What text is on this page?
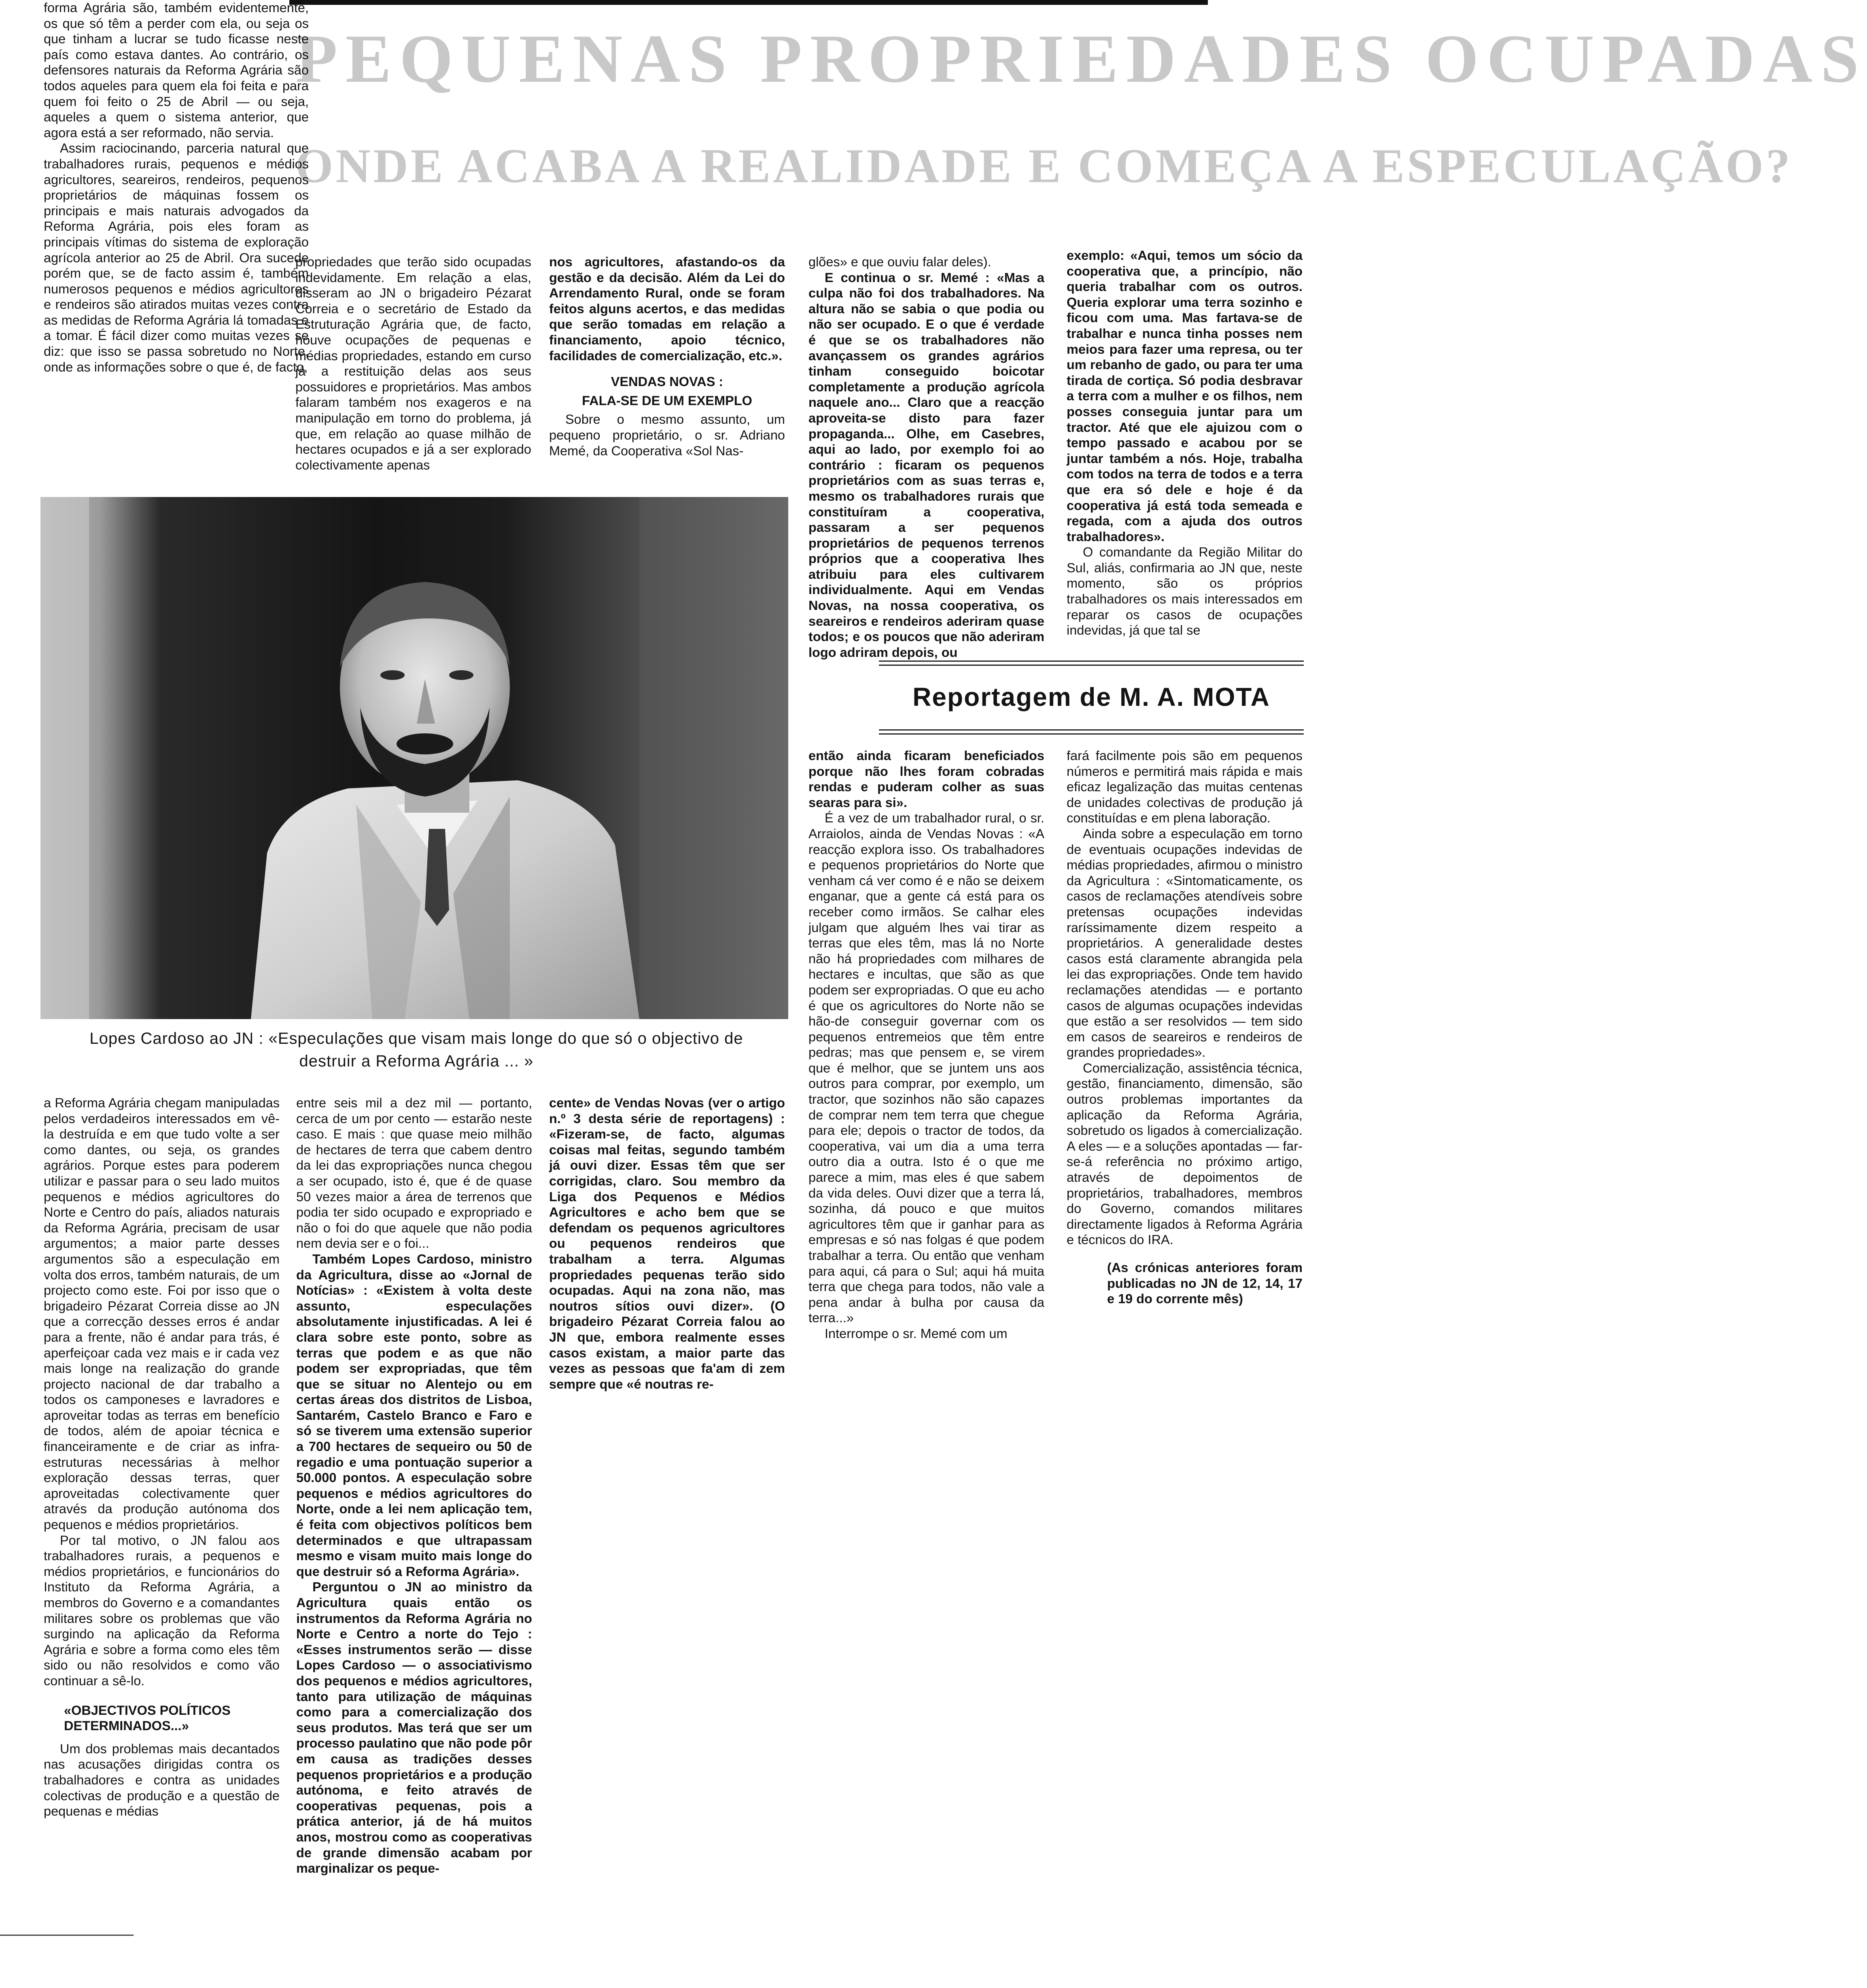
PEQUENAS PROPRIEDADES OCUPADAS
ONDE ACABA A REALIDADE E COMEÇA A ESPECULAÇÃO?

forma Agrária são, também evidentemente, os que só têm a perder com ela, ou seja os que tinham a lucrar se tudo ficasse neste país como estava dantes. Ao contrário, os defensores naturais da Reforma Agrária são todos aqueles para quem ela foi feita e para quem foi feito o 25 de Abril — ou seja, aqueles a quem o sistema anterior, que agora está a ser reformado, não servia.

Assim raciocinando, parceria natural que trabalhadores rurais, pequenos e médios agricultores, seareiros, rendeiros, pequenos proprietários de máquinas fossem os principais e mais naturais advogados da Reforma Agrária, pois eles foram as principais vítimas do sistema de exploração agrícola anterior ao 25 de Abril. Ora sucede porém que, se de facto assim é, também numerosos pequenos e médios agricultores e rendeiros são atirados muitas vezes contra as medidas de Reforma Agrária lá tomadas e a tomar. É fácil dizer como muitas vezes se diz: que isso se passa sobretudo no Norte, onde as informações sobre o que é, de facto,

propriedades que terão sido ocupadas indevidamente. Em relação a elas, disseram ao JN o brigadeiro Pézarat Correia e o secretário de Estado da Estruturação Agrária que, de facto, houve ocupações de pequenas e médias propriedades, estando em curso já a restituição delas aos seus possuidores e proprietários. Mas ambos falaram também nos exageros e na manipulação em torno do problema, já que, em relação ao quase milhão de hectares ocupados e já a ser explorado colectivamente apenas

nos agricultores, afastando-os da gestão e da decisão. Além da Lei do Arrendamento Rural, onde se foram feitos alguns acertos, e das medidas que serão tomadas em relação a financiamento, apoio técnico, facilidades de comercialização, etc.».

VENDAS NOVAS :

FALA-SE DE UM EXEMPLO

Sobre o mesmo assunto, um pequeno proprietário, o sr. Adriano Memé, da Cooperativa «Sol Nas-

glões» e que ouviu falar deles).

E continua o sr. Memé : «Mas a culpa não foi dos trabalhadores. Na altura não se sabia o que podia ou não ser ocupado. E o que é verdade é que se os trabalhadores não avançassem os grandes agrários tinham conseguido boicotar completamente a produção agrícola naquele ano... Claro que a reacção aproveita-se disto para fazer propaganda... Olhe, em Casebres, aqui ao lado, por exemplo foi ao contrário : ficaram os pequenos proprietários com as suas terras e, mesmo os trabalhadores rurais que constituíram a cooperativa, passaram a ser pequenos proprietários de pequenos terrenos próprios que a cooperativa lhes atribuiu para eles cultivarem individualmente. Aqui em Vendas Novas, na nossa cooperativa, os seareiros e rendeiros aderiram quase todos; e os poucos que não aderiram logo adriram depois, ou

exemplo: «Aqui, temos um sócio da cooperativa que, a princípio, não queria trabalhar com os outros. Queria explorar uma terra sozinho e ficou com uma. Mas fartava-se de trabalhar e nunca tinha posses nem meios para fazer uma represa, ou ter um rebanho de gado, ou para ter uma tirada de cortiça. Só podia desbravar a terra com a mulher e os filhos, nem posses conseguia juntar para um tractor. Até que ele ajuizou com o tempo passado e acabou por se juntar também a nós. Hoje, trabalha com todos na terra de todos e a terra que era só dele e hoje é da cooperativa já está toda semeada e regada, com a ajuda dos outros trabalhadores».

O comandante da Região Militar do Sul, aliás, confirmaria ao JN que, neste momento, são os próprios trabalhadores os mais interessados em reparar os casos de ocupações indevidas, já que tal se

Lopes Cardoso ao JN : «Especulações que visam mais longe do que só o objectivo de
destruir a Reforma Agrária ... »
Reportagem de M. A. MOTA

então ainda ficaram beneficiados porque não lhes foram cobradas rendas e puderam colher as suas searas para si».

É a vez de um trabalhador rural, o sr. Arraiolos, ainda de Vendas Novas : «A reacção explora isso. Os trabalhadores e pequenos proprietários do Norte que venham cá ver como é e não se deixem enganar, que a gente cá está para os receber como irmãos. Se calhar eles julgam que alguém lhes vai tirar as terras que eles têm, mas lá no Norte não há propriedades com milhares de hectares e incultas, que são as que podem ser expropriadas. O que eu acho é que os agricultores do Norte não se hão-de conseguir governar com os pequenos entremeios que têm entre pedras; mas que pensem e, se virem que é melhor, que se juntem uns aos outros para comprar, por exemplo, um tractor, que sozinhos não são capazes de comprar nem tem terra que chegue para ele; depois o tractor de todos, da cooperativa, vai um dia a uma terra outro dia a outra. Isto é o que me parece a mim, mas eles é que sabem da vida deles. Ouvi dizer que a terra lá, sozinha, dá pouco e que muitos agricultores têm que ir ganhar para as empresas e só nas folgas é que podem trabalhar a terra. Ou então que venham para aqui, cá para o Sul; aqui há muita terra que chega para todos, não vale a pena andar à bulha por causa da terra...»

Interrompe o sr. Memé com um

fará facilmente pois são em pequenos números e permitirá mais rápida e mais eficaz legalização das muitas centenas de unidades colectivas de produção já constituídas e em plena laboração.

Ainda sobre a especulação em torno de eventuais ocupações indevidas de médias propriedades, afirmou o ministro da Agricultura : «Sintomaticamente, os casos de reclamações atendíveis sobre pretensas ocupações indevidas raríssimamente dizem respeito a proprietários. A generalidade destes casos está claramente abrangida pela lei das expropriações. Onde tem havido reclamações atendidas — e portanto casos de algumas ocupações indevidas que estão a ser resolvidos — tem sido em casos de seareiros e rendeiros de grandes propriedades».

Comercialização, assistência técnica, gestão, financiamento, dimensão, são outros problemas importantes da aplicação da Reforma Agrária, sobretudo os ligados à comercialização. A eles — e a soluções apontadas — far-se-á referência no próximo artigo, através de depoimentos de proprietários, trabalhadores, membros do Governo, comandos militares directamente ligados à Reforma Agrária e técnicos do IRA.

(As crónicas anteriores foram publicadas no JN de 12, 14, 17 e 19 do corrente mês)

a Reforma Agrária chegam manipuladas pelos verdadeiros interessados em vê-la destruída e em que tudo volte a ser como dantes, ou seja, os grandes agrários. Porque estes para poderem utilizar e passar para o seu lado muitos pequenos e médios agricultores do Norte e Centro do país, aliados naturais da Reforma Agrária, precisam de usar argumentos; a maior parte desses argumentos são a especulação em volta dos erros, também naturais, de um projecto como este. Foi por isso que o brigadeiro Pézarat Correia disse ao JN que a correcção desses erros é andar para a frente, não é andar para trás, é aperfeiçoar cada vez mais e ir cada vez mais longe na realização do grande projecto nacional de dar trabalho a todos os camponeses e lavradores e aproveitar todas as terras em benefício de todos, além de apoiar técnica e financeiramente e de criar as infra-estruturas necessárias à melhor exploração dessas terras, quer aproveitadas colectivamente quer através da produção autónoma dos pequenos e médios proprietários.

Por tal motivo, o JN falou aos trabalhadores rurais, a pequenos e médios proprietários, e funcionários do Instituto da Reforma Agrária, a membros do Governo e a comandantes militares sobre os problemas que vão surgindo na aplicação da Reforma Agrária e sobre a forma como eles têm sido ou não resolvidos e como vão continuar a sê-lo.

«OBJECTIVOS POLÍTICOS DETERMINADOS...»

Um dos problemas mais decantados nas acusações dirigidas contra os trabalhadores e contra as unidades colectivas de produção e a questão de pequenas e médias

entre seis mil a dez mil — portanto, cerca de um por cento — estarão neste caso. E mais : que quase meio milhão de hectares de terra que cabem dentro da lei das expropriações nunca chegou a ser ocupado, isto é, que é de quase 50 vezes maior a área de terrenos que podia ter sido ocupado e expropriado e não o foi do que aquele que não podia nem devia ser e o foi...

Também Lopes Cardoso, ministro da Agricultura, disse ao «Jornal de Notícias» : «Existem à volta deste assunto, especulações absolutamente injustificadas. A lei é clara sobre este ponto, sobre as terras que podem e as que não podem ser expropriadas, que têm que se situar no Alentejo ou em certas áreas dos distritos de Lisboa, Santarém, Castelo Branco e Faro e só se tiverem uma extensão superior a 700 hectares de sequeiro ou 50 de regadio e uma pontuação superior a 50.000 pontos. A especulação sobre pequenos e médios agricultores do Norte, onde a lei nem aplicação tem, é feita com objectivos políticos bem determinados e que ultrapassam mesmo e visam muito mais longe do que destruir só a Reforma Agrária».

Perguntou o JN ao ministro da Agricultura quais então os instrumentos da Reforma Agrária no Norte e Centro a norte do Tejo : «Esses instrumentos serão — disse Lopes Cardoso — o associativismo dos pequenos e médios agricultores, tanto para utilização de máquinas como para a comercialização dos seus produtos. Mas terá que ser um processo paulatino que não pode pôr em causa as tradições desses pequenos proprietários e a produção autónoma, e feito através de cooperativas pequenas, pois a prática anterior, já de há muitos anos, mostrou como as cooperativas de grande dimensão acabam por marginalizar os peque-

cente» de Vendas Novas (ver o artigo n.º 3 desta série de reportagens) : «Fizeram-se, de facto, algumas coisas mal feitas, segundo também já ouvi dizer. Essas têm que ser corrigidas, claro. Sou membro da Liga dos Pequenos e Médios Agricultores e acho bem que se defendam os pequenos agricultores ou pequenos rendeiros que trabalham a terra. Algumas propriedades pequenas terão sido ocupadas. Aqui na zona não, mas noutros sítios ouvi dizer». (O brigadeiro Pézarat Correia falou ao JN que, embora realmente esses casos existam, a maior parte das vezes as pessoas que fa'am di zem sempre que «é noutras re-
